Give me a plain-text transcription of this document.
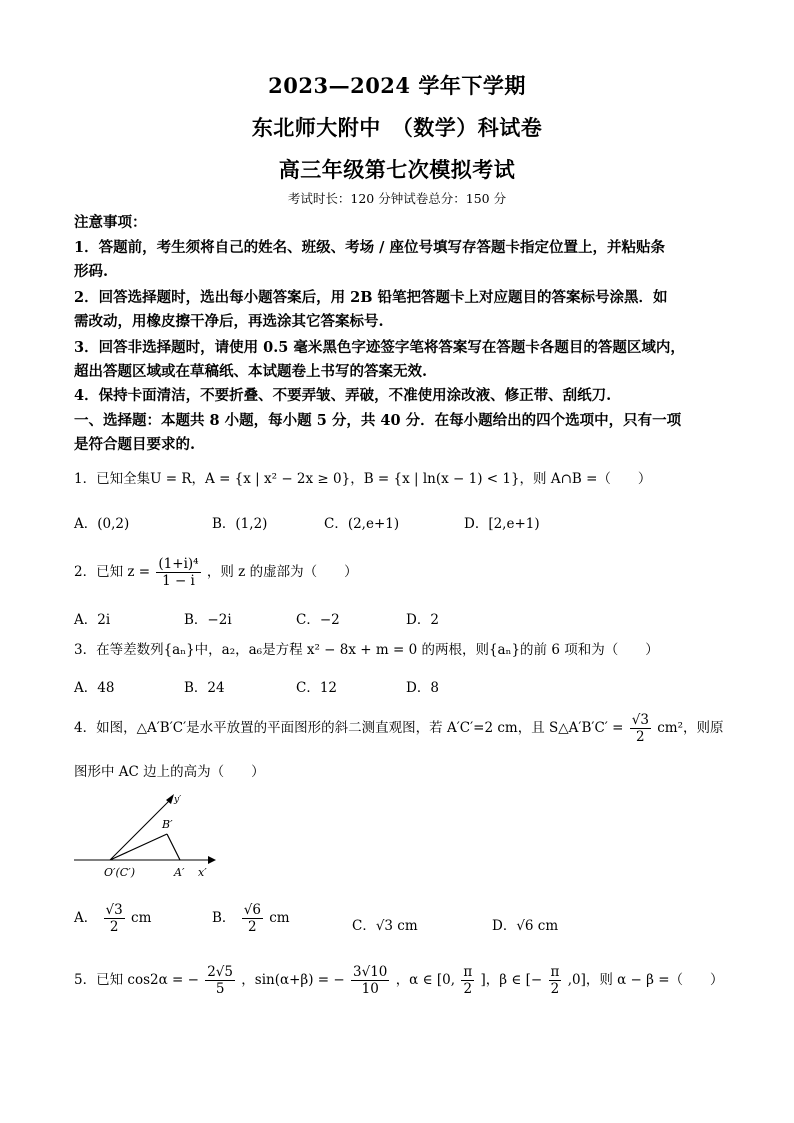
2023—2024 学年下学期
东北师大附中　（数学）科试卷
高三年级第七次模拟考试
考试时长：120 分钟试卷总分：150 分
注意事项：
1．答题前，考生须将自己的姓名、班级、考场 / 座位号填写存答题卡指定位置上，并粘贴条
形码.
2．回答选择题时，选出每小题答案后，用 2B 铅笔把答题卡上对应题目的答案标号涂黑．如
需改动，用橡皮擦干净后，再选涂其它答案标号.
3．回答非选择题时，请使用 0.5 毫米黑色字迹签字笔将答案写在答题卡各题目的答题区域内，
超出答题区域或在草稿纸、本试题卷上书写的答案无效.
4．保持卡面清洁，不要折叠、不要弄皱、弄破，不准使用涂改液、修正带、刮纸刀.
一、选择题：本题共 8 小题，每小题 5 分，共 40 分．在每小题给出的四个选项中，只有一项
是符合题目要求的.
1．已知全集U = R，A = {x | x² − 2x ≥ 0}，B = {x | ln(x − 1) < 1}，则 A∩B =（　　）
A．(0,2)	B．(1,2)	C．(2,e+1)	D．[2,e+1)
2．已知 $z = \frac{\text{(1+i)⁴}}{1 - i}$ ，则 z 的虚部为（　　）
A．2i	B．−2i	C．−2	D．2
3．在等差数列{aₙ}中，a₂，a₆是方程 x² − 8x + m = 0 的两根，则{aₙ}的前 6 项和为（　　）
A．48	B．24	C．12	D．8
4．如图，△A′B′C′是水平放置的平面图形的斜二测直观图，若 A′C′=2 cm，且 S△A′B′C′ = $\frac{√3}{2} cm^2$，则原
图形中 AC 边上的高为（　　）
B′
O′(C′)	A′ x′
y′
A． $\frac{√3}{2}$ cm	B． $\frac{√6}{2}$ cm	C．√3 cm	D．√6 cm
5．已知 cos2α = − $\frac{2√5}{5}$ ，sin(α+β) = − $\frac{3√10}{10}$ ，α ∈ [0, $\frac{\pi}{2}$ ]，β ∈ [− $\frac{\pi}{2} ,0$]，则 α − β =（　　）
